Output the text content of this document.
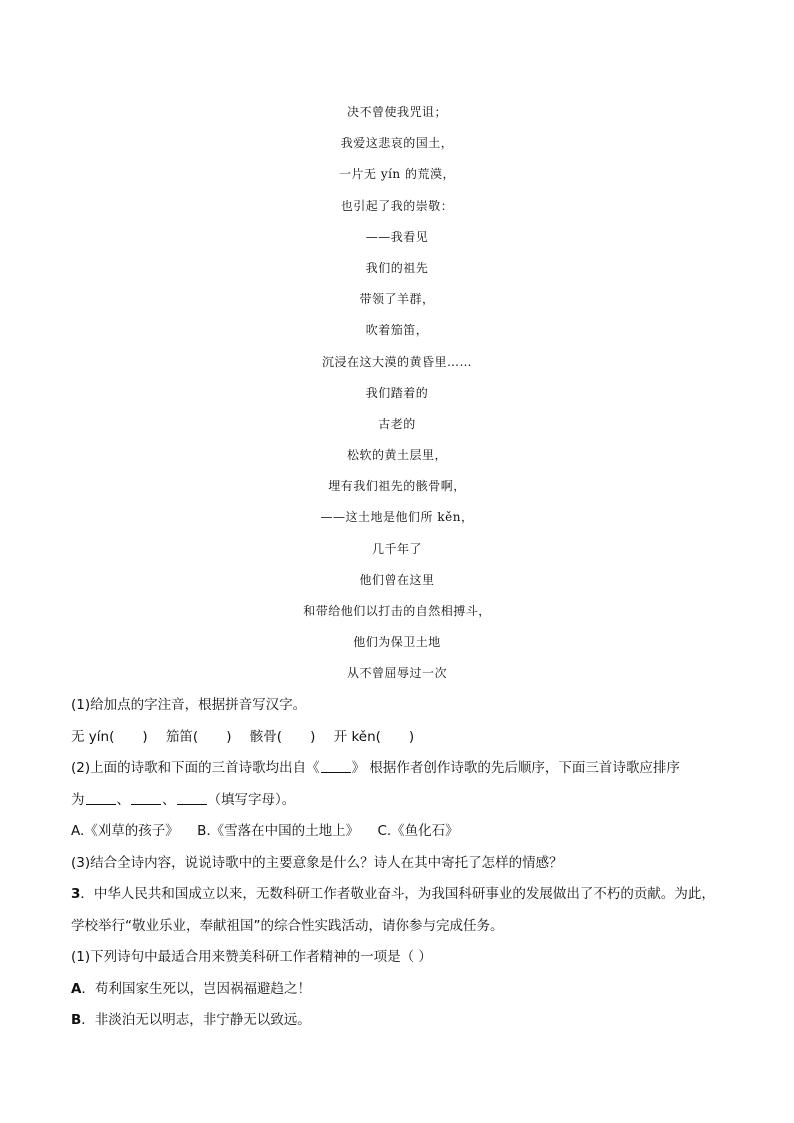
决不曾使我咒诅；
我爱这悲哀的国土，
一片无 yín 的荒漠，
也引起了我的崇敬：
——我看见
我们的祖先
带领了羊群，
吹着笳笛，
沉浸在这大漠的黄昏里……
我们踏着的
古老的
松软的黄土层里，
埋有我们祖先的骸骨啊，
——这土地是他们所 kěn，
几千年了
他们曾在这里
和带给他们以打击的自然相搏斗，
他们为保卫土地
从不曾屈辱过一次
(1)给加点的字注音，根据拼音写汉字。
无 yín( ) 笳笛( ) 骸骨( ) 开 kěn( )
(2)上面的诗歌和下面的三首诗歌均出自《 》 根据作者创作诗歌的先后顺序，下面三首诗歌应排序
为 、 、 （填写字母）。
A.《刈草的孩子》 B.《雪落在中国的土地上》 C.《鱼化石》
(3)结合全诗内容，说说诗歌中的主要意象是什么？诗人在其中寄托了怎样的情感？
3．中华人民共和国成立以来，无数科研工作者敬业奋斗，为我国科研事业的发展做出了不朽的贡献。为此，
学校举行“敬业乐业，奉献祖国”的综合性实践活动，请你参与完成任务。
(1)下列诗句中最适合用来赞美科研工作者精神的一项是（ ）
A．苟利国家生死以，岂因祸福避趋之！
B．非淡泊无以明志，非宁静无以致远。
